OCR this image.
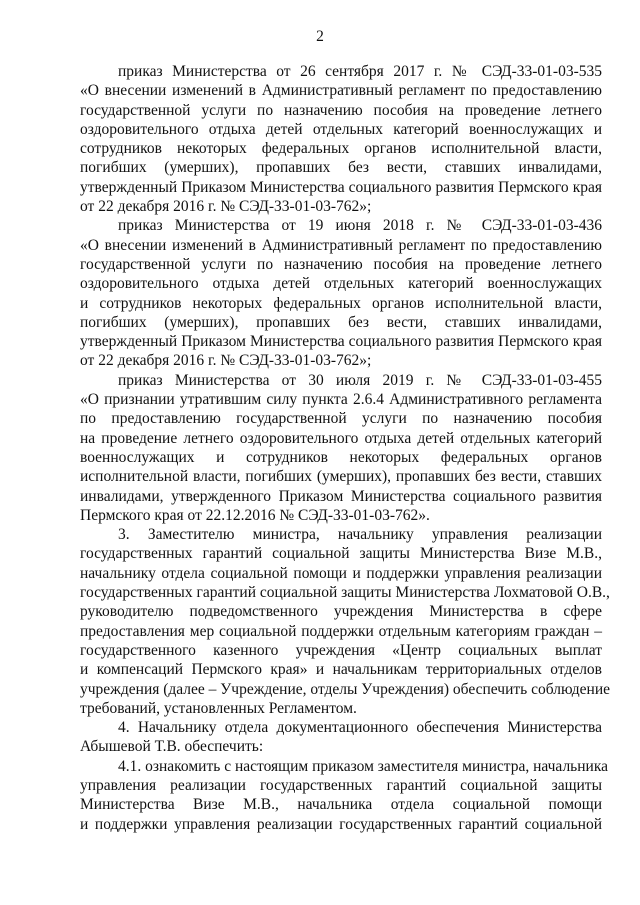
2

приказ Министерства от 26 сентября 2017 г. № СЭД-33-01-03-535
«О внесении изменений в Административный регламент по предоставлению
государственной услуги по назначению пособия на проведение летнего
оздоровительного отдыха детей отдельных категорий военнослужащих и
сотрудников некоторых федеральных органов исполнительной власти,
погибших (умерших), пропавших без вести, ставших инвалидами,
утвержденный Приказом Министерства социального развития Пермского края
от 22 декабря 2016 г. № СЭД-33-01-03-762»;

приказ Министерства от 19 июня 2018 г. № СЭД-33-01-03-436
«О внесении изменений в Административный регламент по предоставлению
государственной услуги по назначению пособия на проведение летнего
оздоровительного отдыха детей отдельных категорий военнослужащих
и сотрудников некоторых федеральных органов исполнительной власти,
погибших (умерших), пропавших без вести, ставших инвалидами,
утвержденный Приказом Министерства социального развития Пермского края
от 22 декабря 2016 г. № СЭД-33-01-03-762»;

приказ Министерства от 30 июля 2019 г. № СЭД-33-01-03-455
«О признании утратившим силу пункта 2.6.4 Административного регламента
по предоставлению государственной услуги по назначению пособия
на проведение летнего оздоровительного отдыха детей отдельных категорий
военнослужащих и сотрудников некоторых федеральных органов
исполнительной власти, погибших (умерших), пропавших без вести, ставших
инвалидами, утвержденного Приказом Министерства социального развития
Пермского края от 22.12.2016 № СЭД-33-01-03-762».

3. Заместителю министра, начальнику управления реализации
государственных гарантий социальной защиты Министерства Визе М.В.,
начальнику отдела социальной помощи и поддержки управления реализации
государственных гарантий социальной защиты Министерства Лохматовой О.В.,
руководителю подведомственного учреждения Министерства в сфере
предоставления мер социальной поддержки отдельным категориям граждан –
государственного казенного учреждения «Центр социальных выплат
и компенсаций Пермского края» и начальникам территориальных отделов
учреждения (далее – Учреждение, отделы Учреждения) обеспечить соблюдение
требований, установленных Регламентом.

4. Начальнику отдела документационного обеспечения Министерства
Абышевой Т.В. обеспечить:

4.1. ознакомить с настоящим приказом заместителя министра, начальника
управления реализации государственных гарантий социальной защиты
Министерства Визе М.В., начальника отдела социальной помощи
и поддержки управления реализации государственных гарантий социальной
